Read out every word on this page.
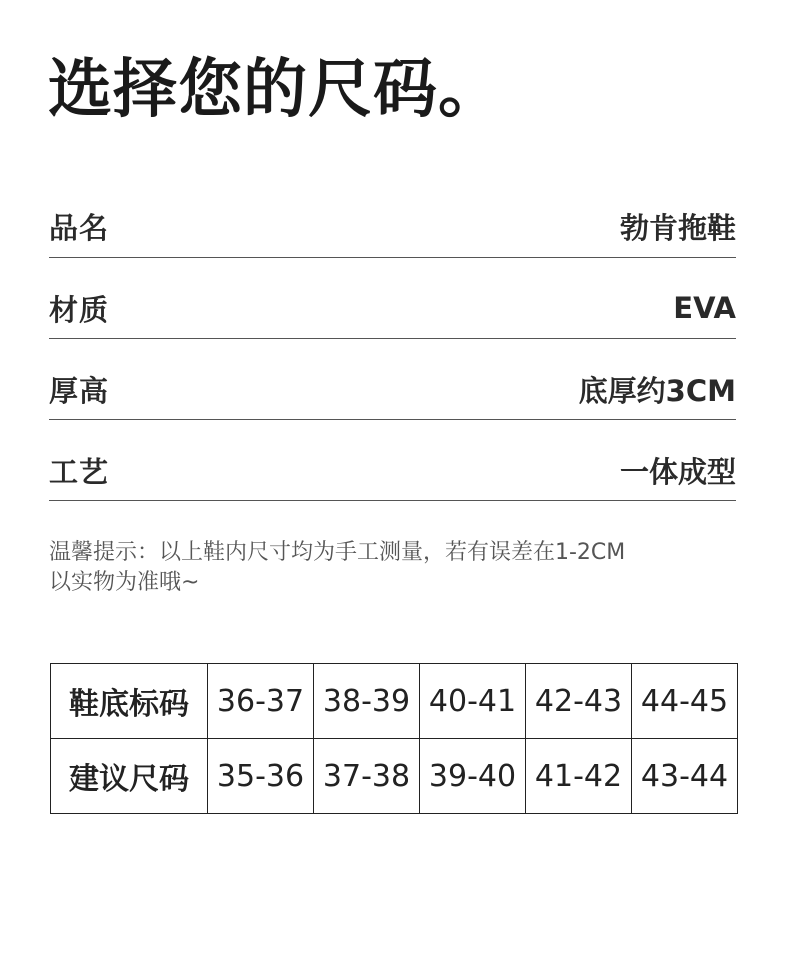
选择您的尺码。
品名	勃肯拖鞋
材质	EVA
厚高	底厚约3CM
工艺	一体成型
温馨提示：以上鞋内尺寸均为手工测量，若有误差在1-2CM
以实物为准哦~
鞋底标码	36-37	38-39	40-41	42-43	44-45
建议尺码	35-36	37-38	39-40	41-42	43-44
